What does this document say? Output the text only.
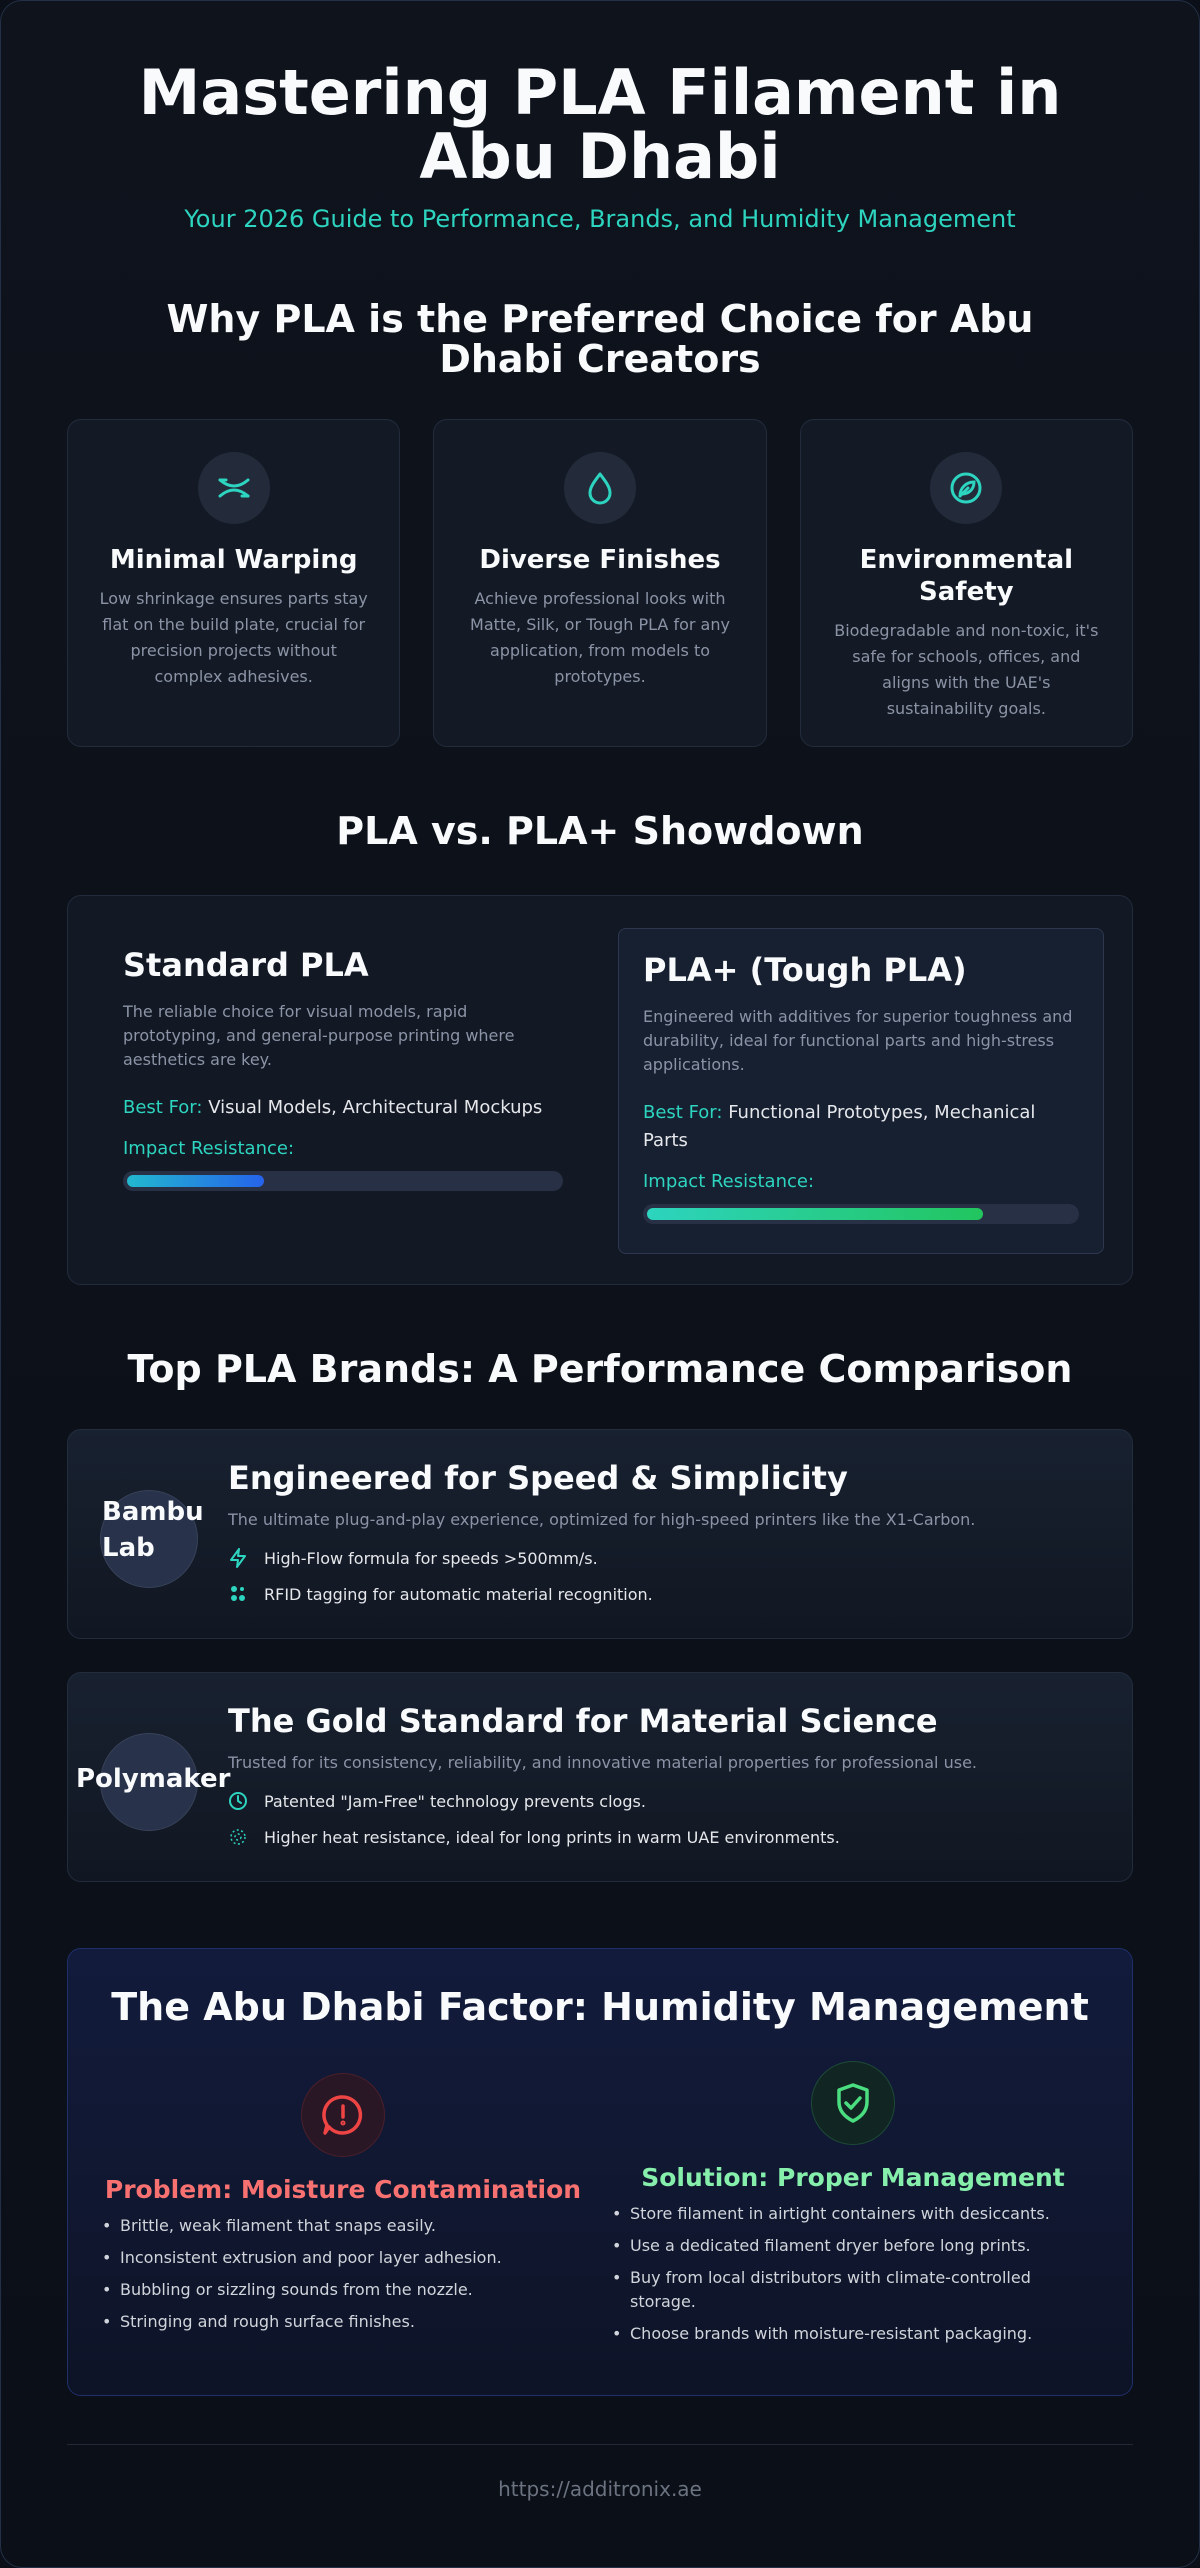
Mastering PLA Filament in Abu Dhabi
Your 2026 Guide to Performance, Brands, and Humidity Management
Why PLA is the Preferred Choice for Abu Dhabi Creators
Minimal Warping

Low shrinkage ensures parts stay flat on the build plate, crucial for precision projects without complex adhesives.

Diverse Finishes

Achieve professional looks with Matte, Silk, or Tough PLA for any application, from models to prototypes.

Environmental Safety

Biodegradable and non-toxic, it's safe for schools, offices, and aligns with the UAE's sustainability goals.

PLA vs. PLA+ Showdown
Standard PLA

The reliable choice for visual models, rapid prototyping, and general-purpose printing where aesthetics are key.

Best For: Visual Models, Architectural Mockups
Impact Resistance:
PLA+ (Tough PLA)

Engineered with additives for superior toughness and durability, ideal for functional parts and high-stress applications.

Best For: Functional Prototypes, Mechanical Parts
Impact Resistance:
Top PLA Brands: A Performance Comparison
Bambu Lab
Engineered for Speed & Simplicity
The ultimate plug-and-play experience, optimized for high-speed printers like the X1-Carbon.
High-Flow formula for speeds >500mm/s.
RFID tagging for automatic material recognition.
Polymaker
The Gold Standard for Material Science
Trusted for its consistency, reliability, and innovative material properties for professional use.
Patented "Jam-Free" technology prevents clogs.
Higher heat resistance, ideal for long prints in warm UAE environments.
The Abu Dhabi Factor: Humidity Management
Problem: Moisture Contamination
• Brittle, weak filament that snaps easily.
• Inconsistent extrusion and poor layer adhesion.
• Bubbling or sizzling sounds from the nozzle.
• Stringing and rough surface finishes.
Solution: Proper Management
• Store filament in airtight containers with desiccants.
• Use a dedicated filament dryer before long prints.
• Buy from local distributors with climate-controlled storage.
• Choose brands with moisture-resistant packaging.
https://additronix.ae
